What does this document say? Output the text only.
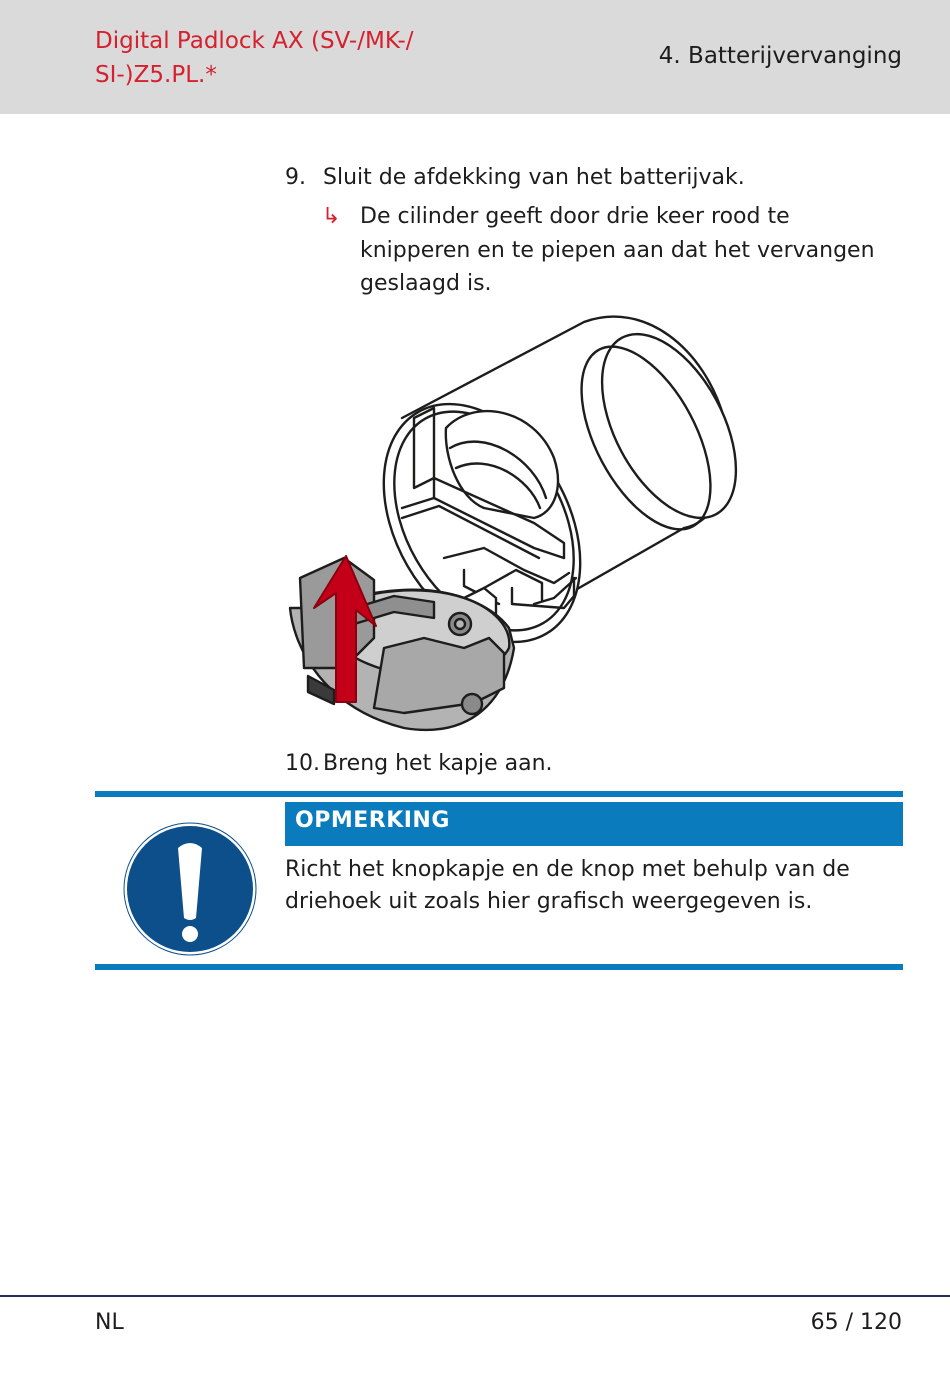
Digital Padlock AX (SV-/MK-/ SI-)Z5.PL.*
4. Batterijvervanging
9. Sluit de afdekking van het batterijvak.
↳ De cilinder geeft door drie keer rood te knipperen en te piepen aan dat het vervangen geslaagd is.
10. Breng het kapje aan.
OPMERKING
Richt het knopkapje en de knop met behulp van de driehoek uit zoals hier grafisch weergegeven is.
NL	65 / 120
